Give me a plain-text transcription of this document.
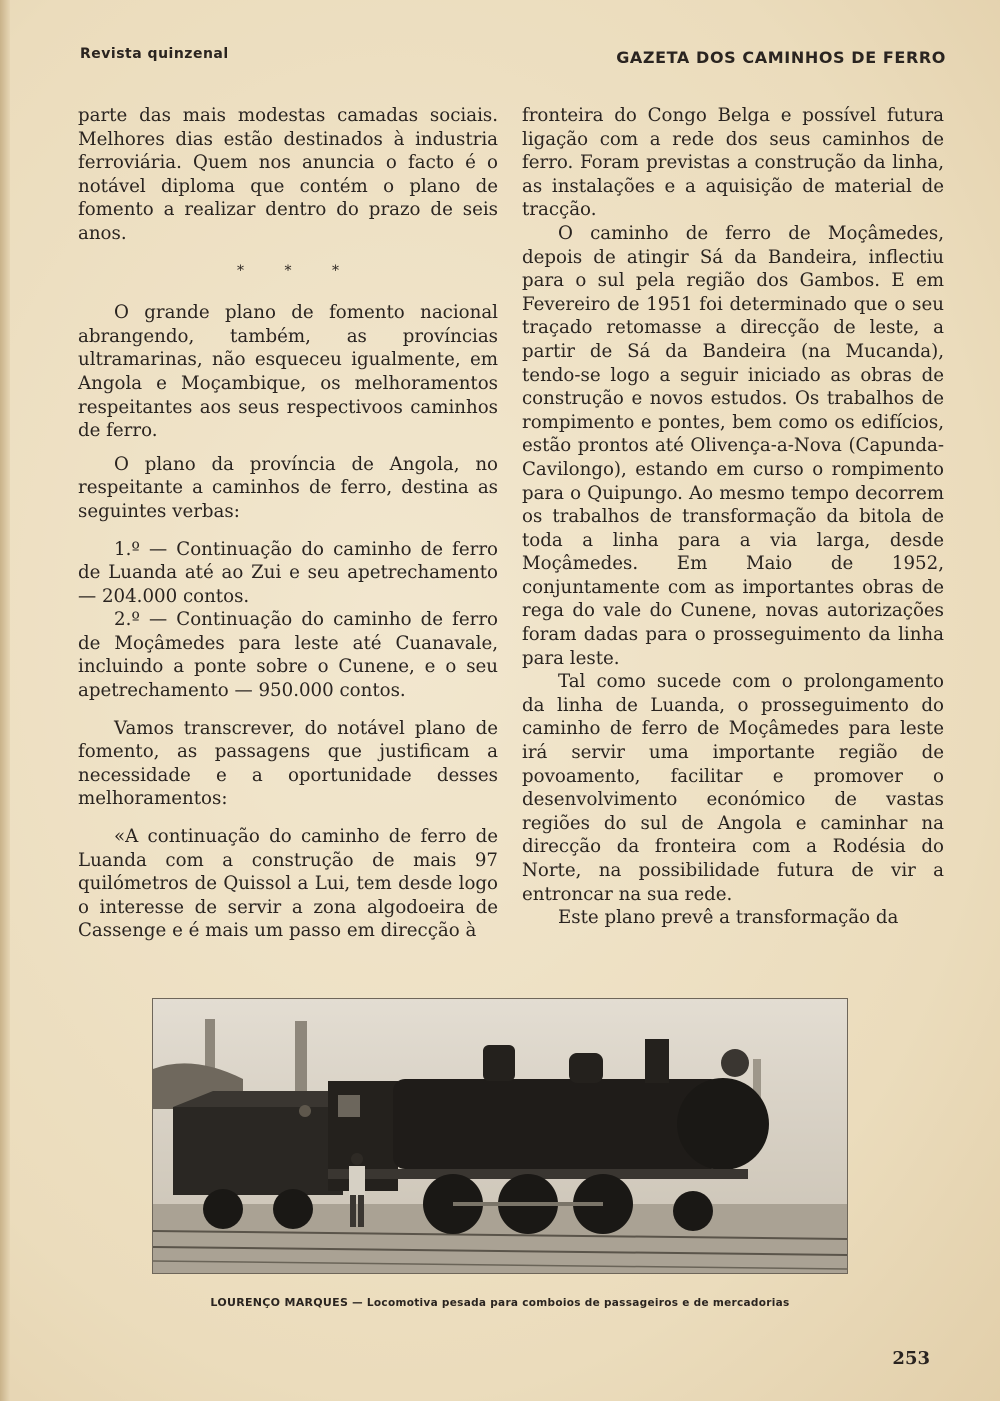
Revista quinzenal	GAZETA DOS CAMINHOS DE FERRO

parte das mais modestas camadas sociais. Melhores dias estão destinados à industria ferroviária. Quem nos anuncia o facto é o notável diploma que contém o plano de fomento a realizar dentro do prazo de seis anos.

* * *

O grande plano de fomento nacional abrangendo, também, as províncias ultramarinas, não esqueceu igualmente, em Angola e Moçambique, os melhoramentos respeitantes aos seus respectivoos caminhos de ferro.

O plano da província de Angola, no respeitante a caminhos de ferro, destina as seguintes verbas:

1.º — Continuação do caminho de ferro de Luanda até ao Zui e seu apetrechamento — 204.000 contos.

2.º — Continuação do caminho de ferro de Moçâmedes para leste até Cuanavale, incluindo a ponte sobre o Cunene, e o seu apetrechamento — 950.000 contos.

Vamos transcrever, do notável plano de fomento, as passagens que justificam a necessidade e a oportunidade desses melhoramentos:

«A continuação do caminho de ferro de Luanda com a construção de mais 97 quilómetros de Quissol a Lui, tem desde logo o interesse de servir a zona algodoeira de Cassenge e é mais um passo em direcção à

fronteira do Congo Belga e possível futura ligação com a rede dos seus caminhos de ferro. Foram previstas a construção da linha, as instalações e a aquisição de material de tracção.

O caminho de ferro de Moçâmedes, depois de atingir Sá da Bandeira, inflectiu para o sul pela região dos Gambos. E em Fevereiro de 1951 foi determinado que o seu traçado retomasse a direcção de leste, a partir de Sá da Bandeira (na Mucanda), tendo-se logo a seguir iniciado as obras de construção e novos estudos. Os trabalhos de rompimento e pontes, bem como os edifícios, estão prontos até Olivença-a-Nova (Capunda-Cavilongo), estando em curso o rompimento para o Quipungo. Ao mesmo tempo decorrem os trabalhos de transformação da bitola de toda a linha para a via larga, desde Moçâmedes. Em Maio de 1952, conjuntamente com as importantes obras de rega do vale do Cunene, novas autorizações foram dadas para o prosseguimento da linha para leste.

Tal como sucede com o prolongamento da linha de Luanda, o prosseguimento do caminho de ferro de Moçâmedes para leste irá servir uma importante região de povoamento, facilitar e promover o desenvolvimento económico de vastas regiões do sul de Angola e caminhar na direcção da fronteira com a Rodésia do Norte, na possibilidade futura de vir a entroncar na sua rede.

Este plano prevê a transformação da

LOURENÇO MARQUES — Locomotiva pesada para comboios de passageiros e de mercadorias
253
